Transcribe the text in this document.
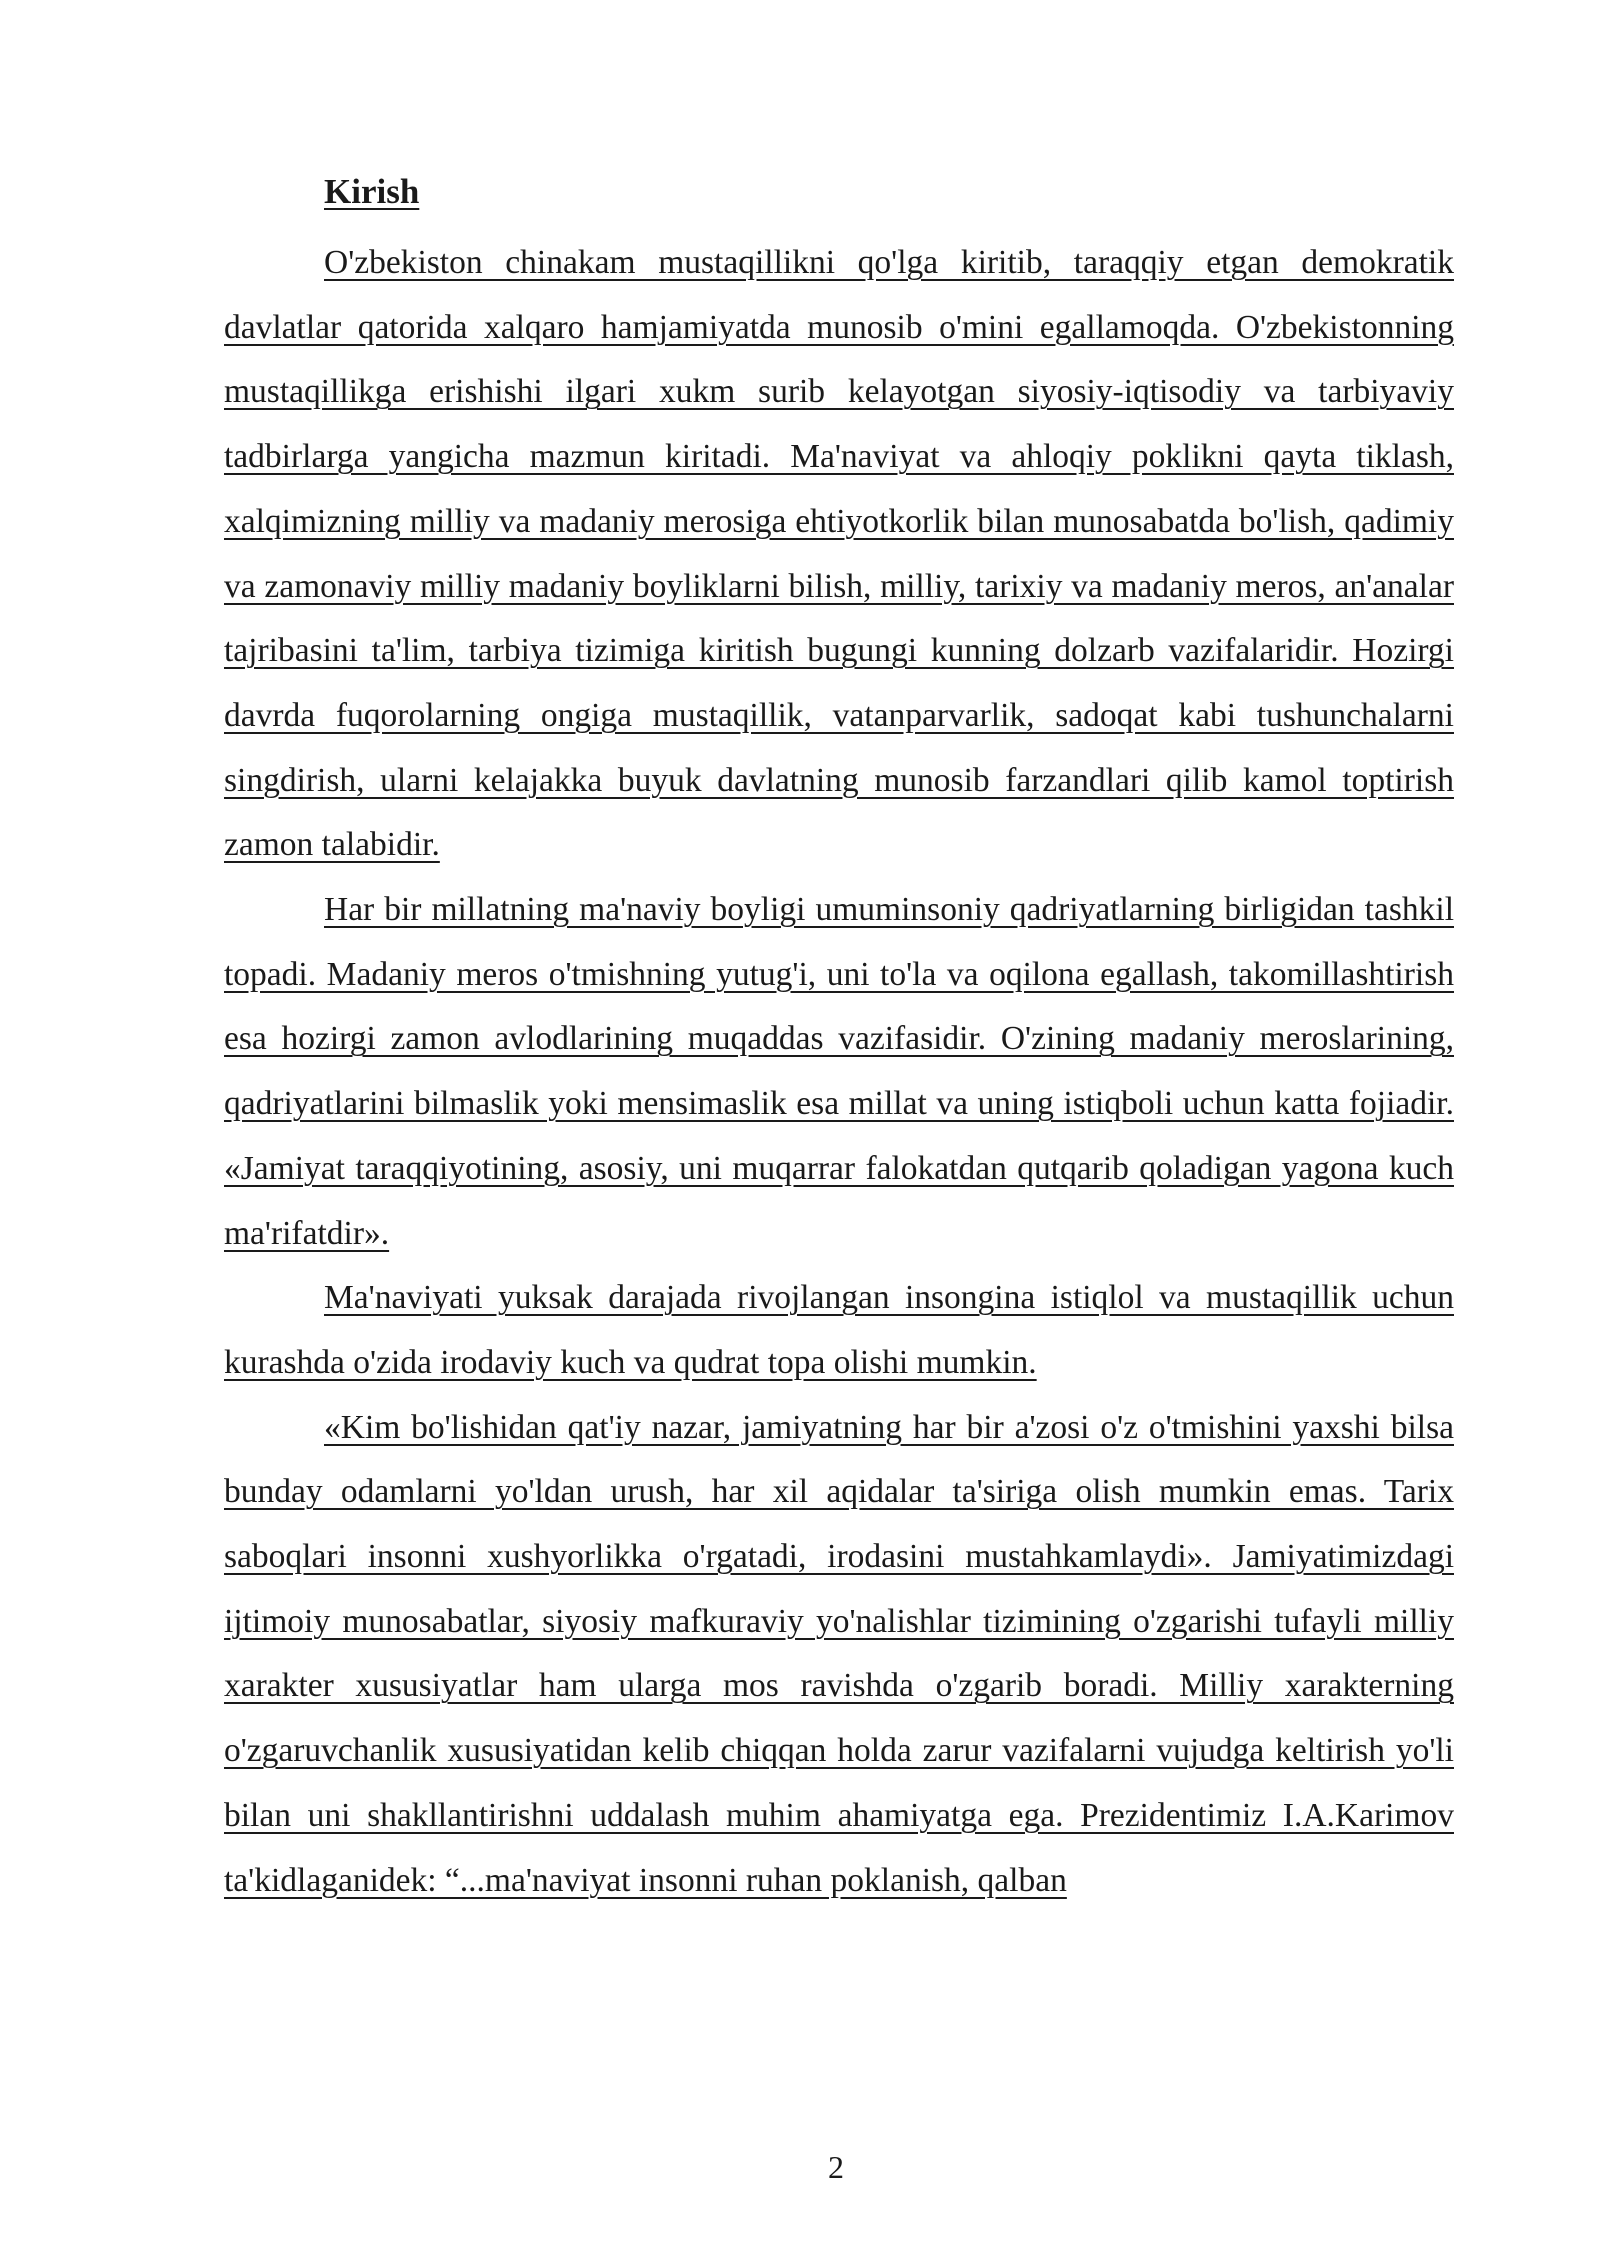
Kirish

O'zbekiston chinakam mustaqillikni qo'lga kiritib, taraqqiy etgan demokratik davlatlar qatorida xalqaro hamjamiyatda munosib o'mini egallamoqda. O'zbekistonning mustaqillikga erishishi ilgari xukm surib kelayotgan siyosiy-iqtisodiy va tarbiyaviy tadbirlarga yangicha mazmun kiritadi. Ma'naviyat va ahloqiy poklikni qayta tiklash, xalqimizning milliy va madaniy merosiga ehtiyotkorlik bilan munosabatda bo'lish, qadimiy va zamonaviy milliy madaniy boyliklarni bilish, milliy, tarixiy va madaniy meros, an'analar tajribasini ta'lim, tarbiya tizimiga kiritish bugungi kunning dolzarb vazifalaridir. Hozirgi davrda fuqorolarning ongiga mustaqillik, vatanparvarlik, sadoqat kabi tushunchalarni singdirish, ularni kelajakka buyuk davlatning munosib farzandlari qilib kamol toptirish zamon talabidir.

Har bir millatning ma'naviy boyligi umuminsoniy qadriyatlarning birligidan tashkil topadi. Madaniy meros o'tmishning yutug'i, uni to'la va oqilona egallash, takomillashtirish esa hozirgi zamon avlodlarining muqaddas vazifasidir. O'zining madaniy meroslarining, qadriyatlarini bilmaslik yoki mensimaslik esa millat va uning istiqboli uchun katta fojiadir. «Jamiyat taraqqiyotining, asosiy, uni muqarrar falokatdan qutqarib qoladigan yagona kuch ma'rifatdir».

Ma'naviyati yuksak darajada rivojlangan insongina istiqlol va mustaqillik uchun kurashda o'zida irodaviy kuch va qudrat topa olishi mumkin.

«Kim bo'lishidan qat'iy nazar, jamiyatning har bir a'zosi o'z o'tmishini yaxshi bilsa bunday odamlarni yo'ldan urush, har xil aqidalar ta'siriga olish mumkin emas. Tarix saboqlari insonni xushyorlikka o'rgatadi, irodasini mustahkamlaydi». Jamiyatimizdagi ijtimoiy munosabatlar, siyosiy mafkuraviy yo'nalishlar tizimining o'zgarishi tufayli milliy xarakter xususiyatlar ham ularga mos ravishda o'zgarib boradi. Milliy xarakterning o'zgaruvchanlik xususiyatidan kelib chiqqan holda zarur vazifalarni vujudga keltirish yo'li bilan uni shakllantirishni uddalash muhim ahamiyatga ega. Prezidentimiz I.A.Karimov ta'kidlaganidek: “...ma'naviyat insonni ruhan poklanish, qalban

2
